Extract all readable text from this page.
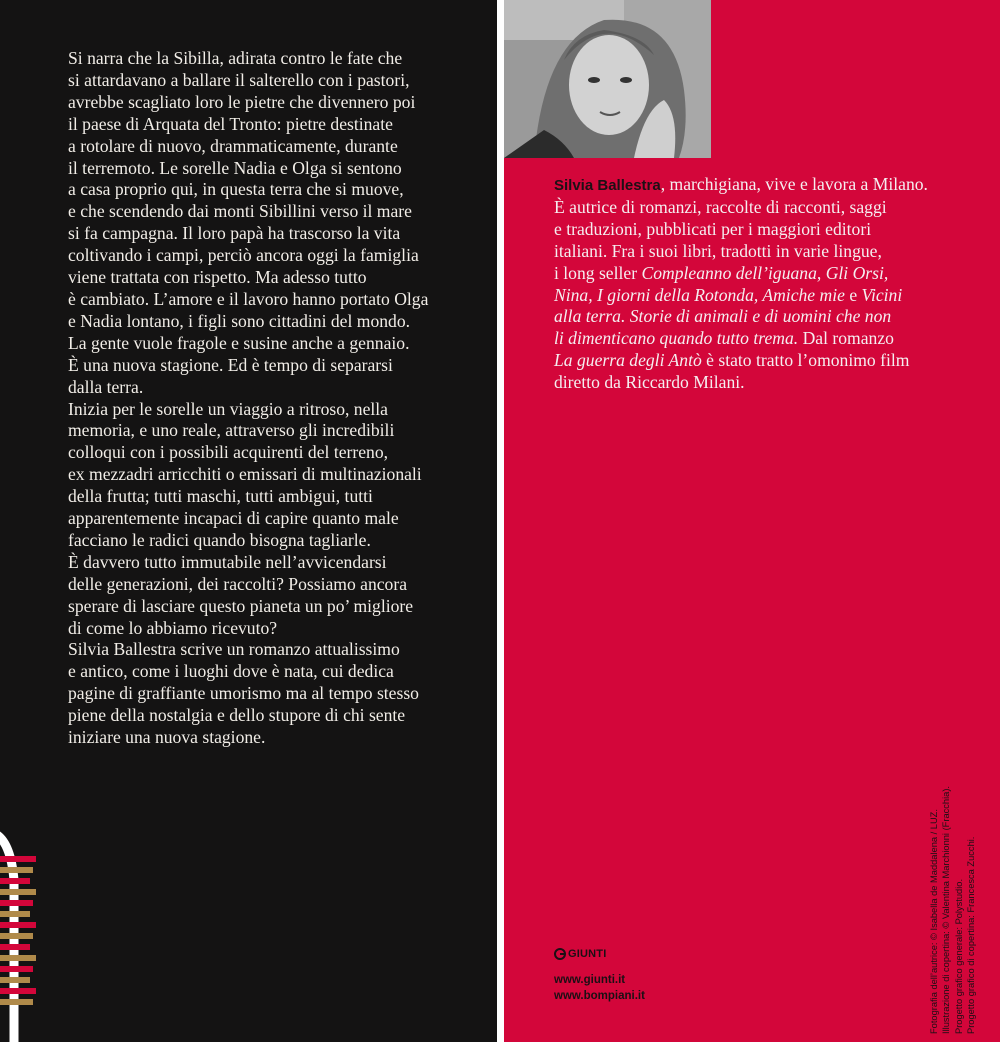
Si narra che la Sibilla, adirata contro le fate che

si attardavano a ballare il salterello con i pastori,

avrebbe scagliato loro le pietre che divennero poi

il paese di Arquata del Tronto: pietre destinate

a rotolare di nuovo, drammaticamente, durante

il terremoto. Le sorelle Nadia e Olga si sentono

a casa proprio qui, in questa terra che si muove,

e che scendendo dai monti Sibillini verso il mare

si fa campagna. Il loro papà ha trascorso la vita

coltivando i campi, perciò ancora oggi la famiglia

viene trattata con rispetto. Ma adesso tutto

è cambiato. L’amore e il lavoro hanno portato Olga

e Nadia lontano, i figli sono cittadini del mondo.

La gente vuole fragole e susine anche a gennaio.

È una nuova stagione. Ed è tempo di separarsi

dalla terra.

Inizia per le sorelle un viaggio a ritroso, nella

memoria, e uno reale, attraverso gli incredibili

colloqui con i possibili acquirenti del terreno,

ex mezzadri arricchiti o emissari di multinazionali

della frutta; tutti maschi, tutti ambigui, tutti

apparentemente incapaci di capire quanto male

facciano le radici quando bisogna tagliarle.

È davvero tutto immutabile nell’avvicendarsi

delle generazioni, dei raccolti? Possiamo ancora

sperare di lasciare questo pianeta un po’ migliore

di come lo abbiamo ricevuto?

Silvia Ballestra scrive un romanzo attualissimo

e antico, come i luoghi dove è nata, cui dedica

pagine di graffiante umorismo ma al tempo stesso

piene della nostalgia e dello stupore di chi sente

iniziare una nuova stagione.

Silvia Ballestra, marchigiana, vive e lavora a Milano.

È autrice di romanzi, raccolte di racconti, saggi

e traduzioni, pubblicati per i maggiori editori

italiani. Fra i suoi libri, tradotti in varie lingue,

i long seller Compleanno dell’iguana, Gli Orsi,

Nina, I giorni della Rotonda, Amiche mie e Vicini

alla terra. Storie di animali e di uomini che non

li dimenticano quando tutto trema. Dal romanzo

La guerra degli Antò è stato tratto l’omonimo film

diretto da Riccardo Milani.

GIUNTI
www.giunti.it
www.bompiani.it	Fotografia dell’autrice: © Isabella de Maddalena / LUZ. Illustrazione di copertina: © Valentina Marchionni (Fracchia). Progetto grafico generale: Polystudio. Progetto grafico di copertina: Francesca Zucchi.
